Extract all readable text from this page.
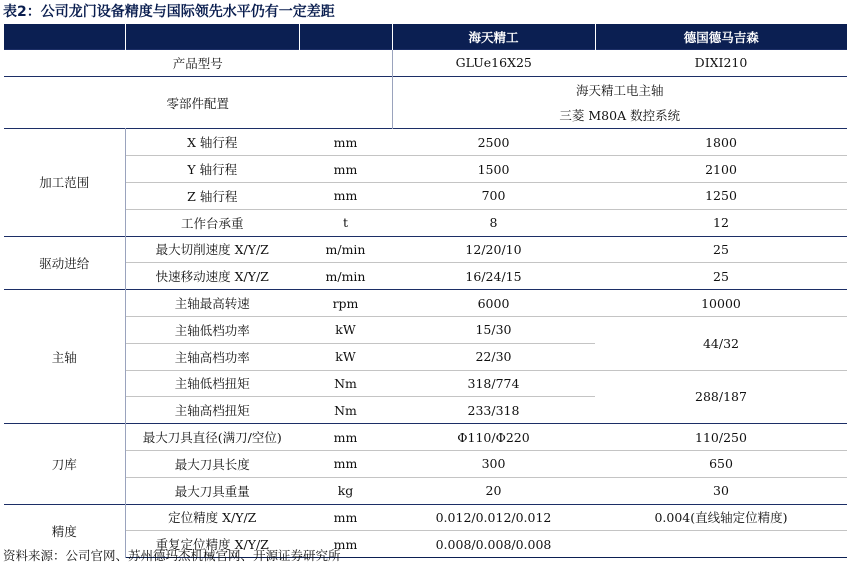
表2：公司龙门设备精度与国际领先水平仍有一定差距
			海天精工	德国德马吉森
产品型号			GLUe16X25	DIXI210
零部件配置			海天精工电主轴	
			三菱 M80A 数控系统	
加工范围	X 轴行程	mm	2500	1800
	Y 轴行程	mm	1500	2100
	Z 轴行程	mm	700	1250
	工作台承重	t	8	12
驱动进给	最大切削速度 X/Y/Z	m/min	12/20/10	25
	快速移动速度 X/Y/Z	m/min	16/24/15	25
主轴	主轴最高转速	rpm	6000	10000
	主轴低档功率	kW	15/30	44/32
	主轴高档功率	kW	22/30	
	主轴低档扭矩	Nm	318/774	288/187
	主轴高档扭矩	Nm	233/318	
刀库	最大刀具直径(满刀/空位)	mm	Φ110/Φ220	110/250
	最大刀具长度	mm	300	650
	最大刀具重量	kg	20	30
精度	定位精度 X/Y/Z	mm	0.012/0.012/0.012	0.004(直线轴定位精度)
	重复定位精度 X/Y/Z	mm	0.008/0.008/0.008	
资料来源：公司官网、苏州德玛杰机械官网、开源证券研究所
